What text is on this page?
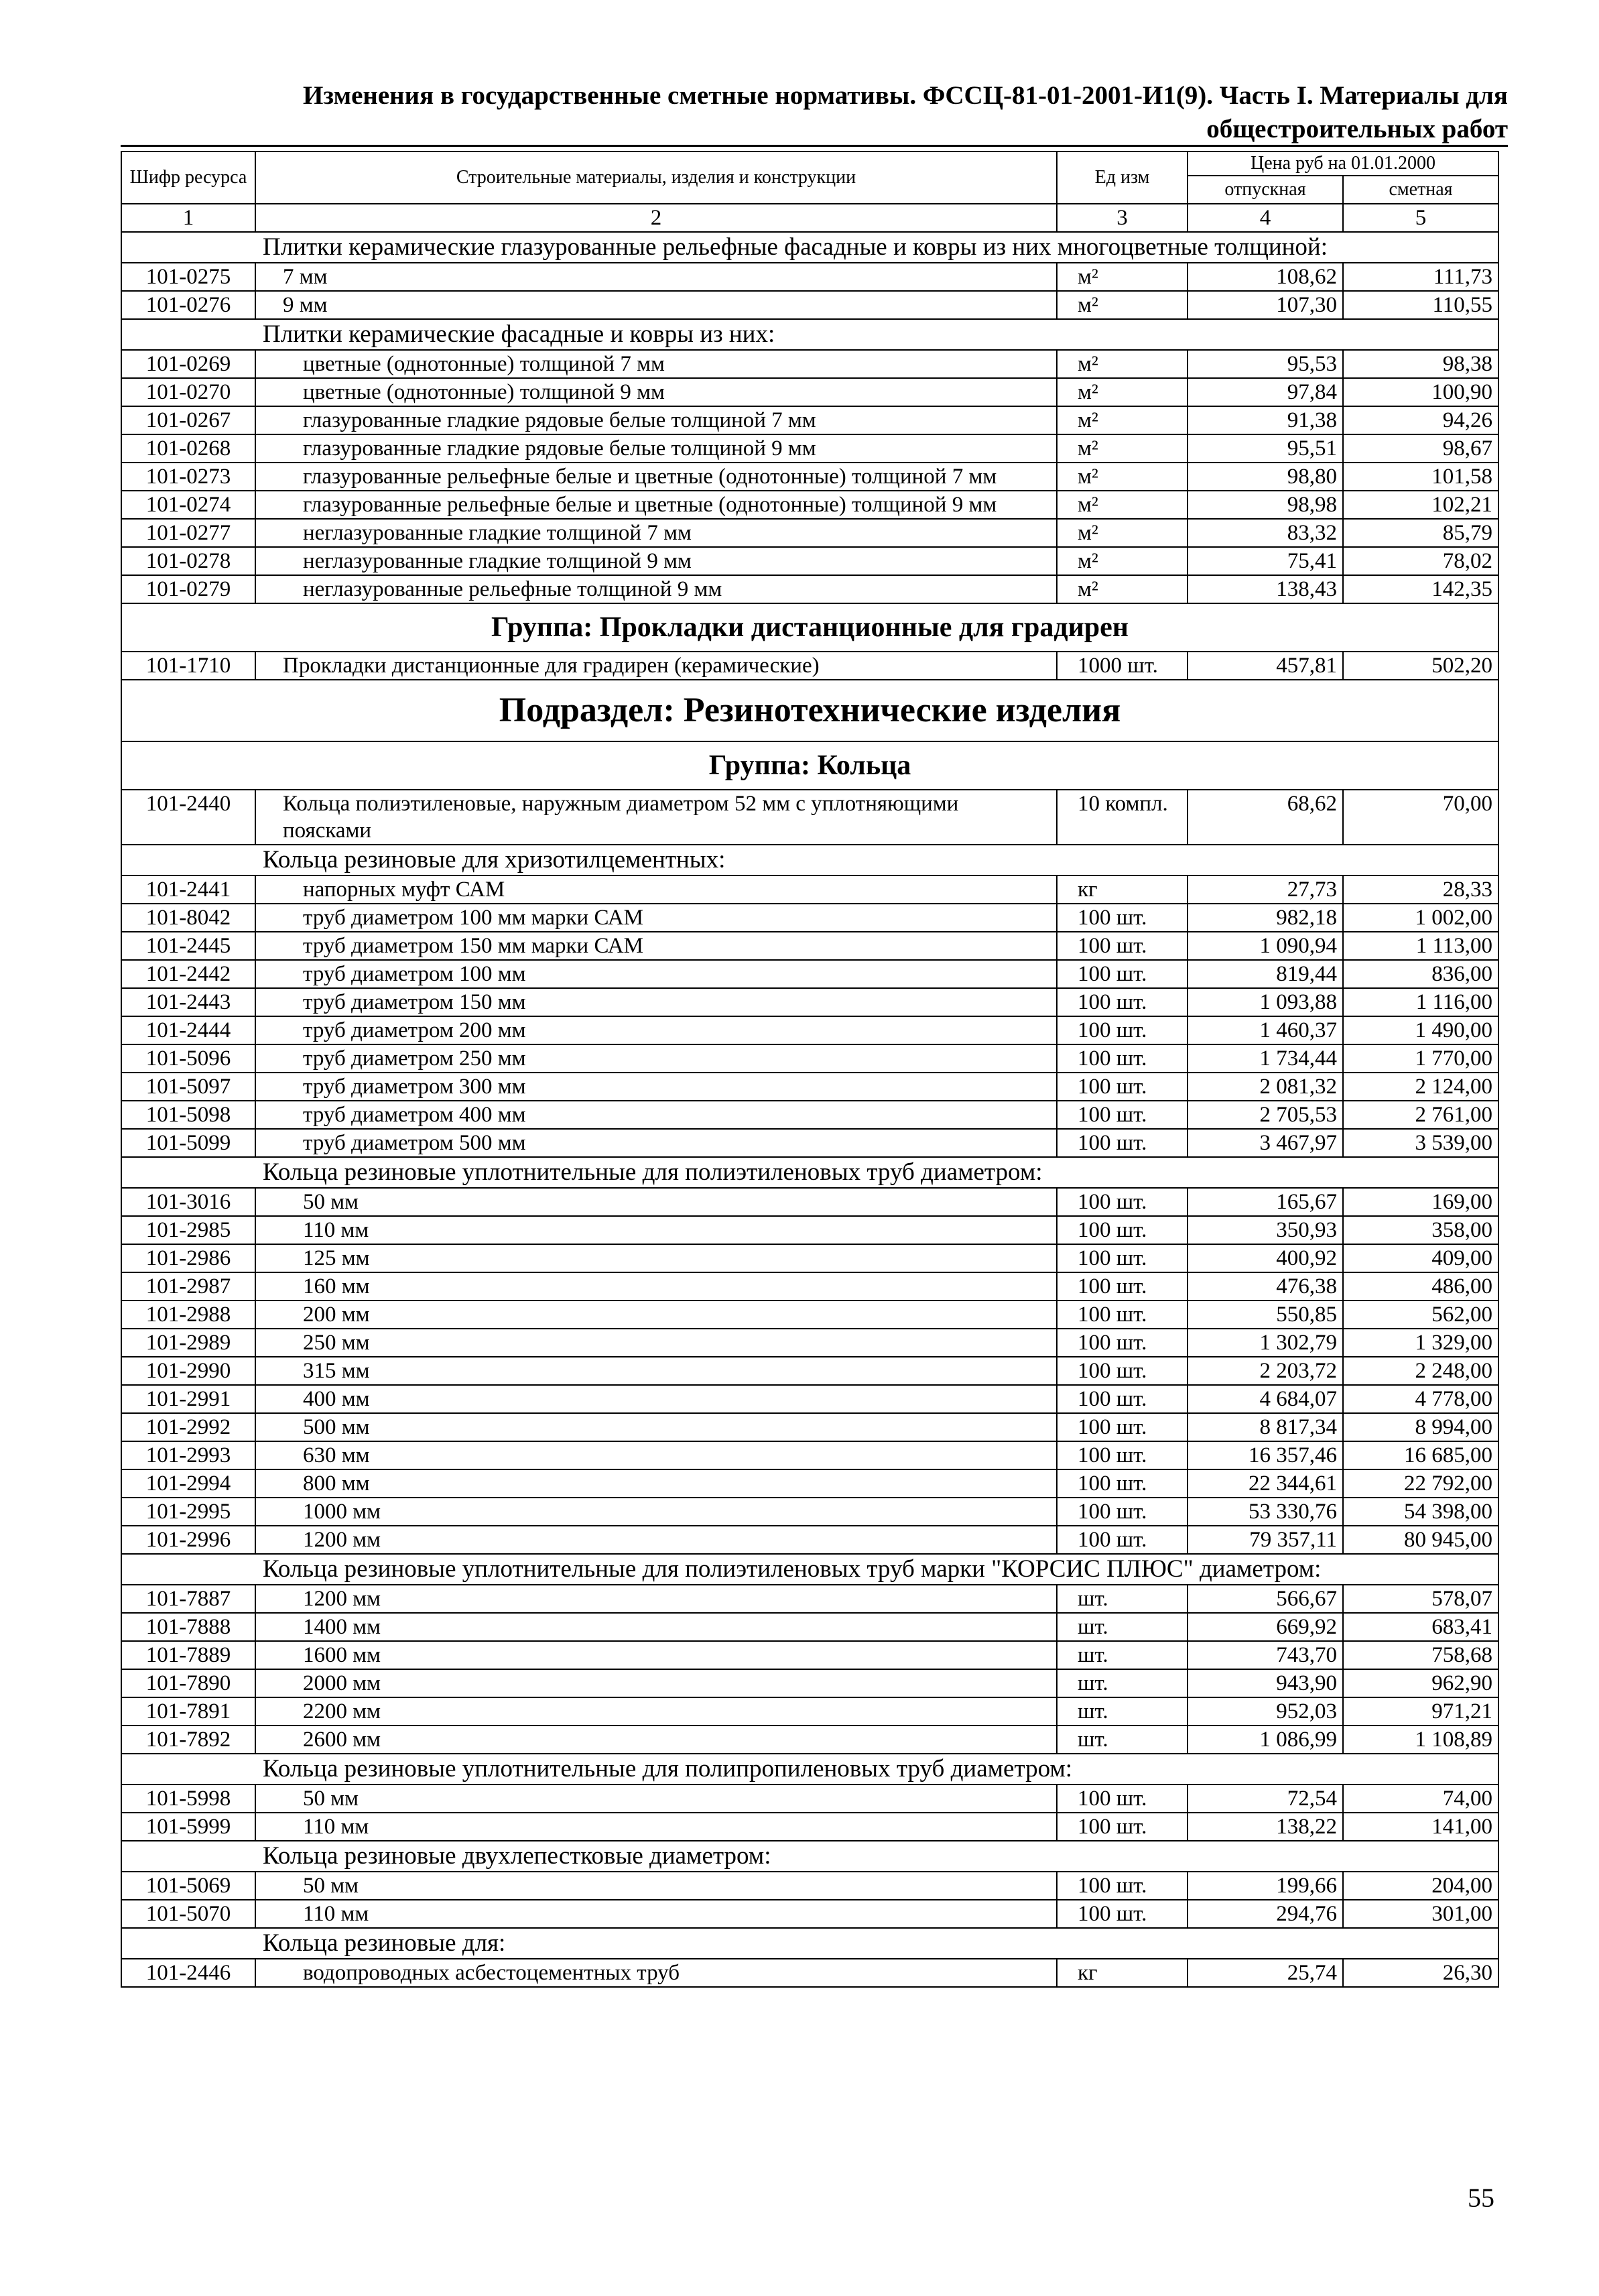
Изменения в государственные сметные нормативы. ФССЦ-81-01-2001-И1(9). Часть I. Материалы для
общестроительных работ
Шифр ресурса	Строительные материалы, изделия и конструкции	Ед изм	Цена руб на 01.01.2000	
			отпускная	сметная
1	2	3	4	5
Плитки керамические глазурованные рельефные фасадные и ковры из них многоцветные толщиной:				
101-0275	7 мм	м²	108,62	111,73
101-0276	9 мм	м²	107,30	110,55
Плитки керамические фасадные и ковры из них:				
101-0269	цветные (однотонные) толщиной 7 мм	м²	95,53	98,38
101-0270	цветные (однотонные) толщиной 9 мм	м²	97,84	100,90
101-0267	глазурованные гладкие рядовые белые толщиной 7 мм	м²	91,38	94,26
101-0268	глазурованные гладкие рядовые белые толщиной 9 мм	м²	95,51	98,67
101-0273	глазурованные рельефные белые и цветные (однотонные) толщиной 7 мм	м²	98,80	101,58
101-0274	глазурованные рельефные белые и цветные (однотонные) толщиной 9 мм	м²	98,98	102,21
101-0277	неглазурованные гладкие толщиной 7 мм	м²	83,32	85,79
101-0278	неглазурованные гладкие толщиной 9 мм	м²	75,41	78,02
101-0279	неглазурованные рельефные толщиной 9 мм	м²	138,43	142,35
Группа: Прокладки дистанционные для градирен				
101-1710	Прокладки дистанционные для градирен (керамические)	1000 шт.	457,81	502,20
Подраздел: Резинотехнические изделия				
Группа: Кольца				
101-2440	Кольца полиэтиленовые, наружным диаметром 52 мм с уплотняющими поясками	10 компл.	68,62	70,00
Кольца резиновые для хризотилцементных:				
101-2441	напорных муфт САМ	кг	27,73	28,33
101-8042	труб диаметром 100 мм марки САМ	100 шт.	982,18	1 002,00
101-2445	труб диаметром 150 мм марки САМ	100 шт.	1 090,94	1 113,00
101-2442	труб диаметром 100 мм	100 шт.	819,44	836,00
101-2443	труб диаметром 150 мм	100 шт.	1 093,88	1 116,00
101-2444	труб диаметром 200 мм	100 шт.	1 460,37	1 490,00
101-5096	труб диаметром 250 мм	100 шт.	1 734,44	1 770,00
101-5097	труб диаметром 300 мм	100 шт.	2 081,32	2 124,00
101-5098	труб диаметром 400 мм	100 шт.	2 705,53	2 761,00
101-5099	труб диаметром 500 мм	100 шт.	3 467,97	3 539,00
Кольца резиновые уплотнительные для полиэтиленовых труб диаметром:				
101-3016	50 мм	100 шт.	165,67	169,00
101-2985	110 мм	100 шт.	350,93	358,00
101-2986	125 мм	100 шт.	400,92	409,00
101-2987	160 мм	100 шт.	476,38	486,00
101-2988	200 мм	100 шт.	550,85	562,00
101-2989	250 мм	100 шт.	1 302,79	1 329,00
101-2990	315 мм	100 шт.	2 203,72	2 248,00
101-2991	400 мм	100 шт.	4 684,07	4 778,00
101-2992	500 мм	100 шт.	8 817,34	8 994,00
101-2993	630 мм	100 шт.	16 357,46	16 685,00
101-2994	800 мм	100 шт.	22 344,61	22 792,00
101-2995	1000 мм	100 шт.	53 330,76	54 398,00
101-2996	1200 мм	100 шт.	79 357,11	80 945,00
Кольца резиновые уплотнительные для полиэтиленовых труб марки "КОРСИС ПЛЮС" диаметром:				
101-7887	1200 мм	шт.	566,67	578,07
101-7888	1400 мм	шт.	669,92	683,41
101-7889	1600 мм	шт.	743,70	758,68
101-7890	2000 мм	шт.	943,90	962,90
101-7891	2200 мм	шт.	952,03	971,21
101-7892	2600 мм	шт.	1 086,99	1 108,89
Кольца резиновые уплотнительные для полипропиленовых труб диаметром:				
101-5998	50 мм	100 шт.	72,54	74,00
101-5999	110 мм	100 шт.	138,22	141,00
Кольца резиновые двухлепестковые диаметром:				
101-5069	50 мм	100 шт.	199,66	204,00
101-5070	110 мм	100 шт.	294,76	301,00
Кольца резиновые для:				
101-2446	водопроводных асбестоцементных труб	кг	25,74	26,30
55
